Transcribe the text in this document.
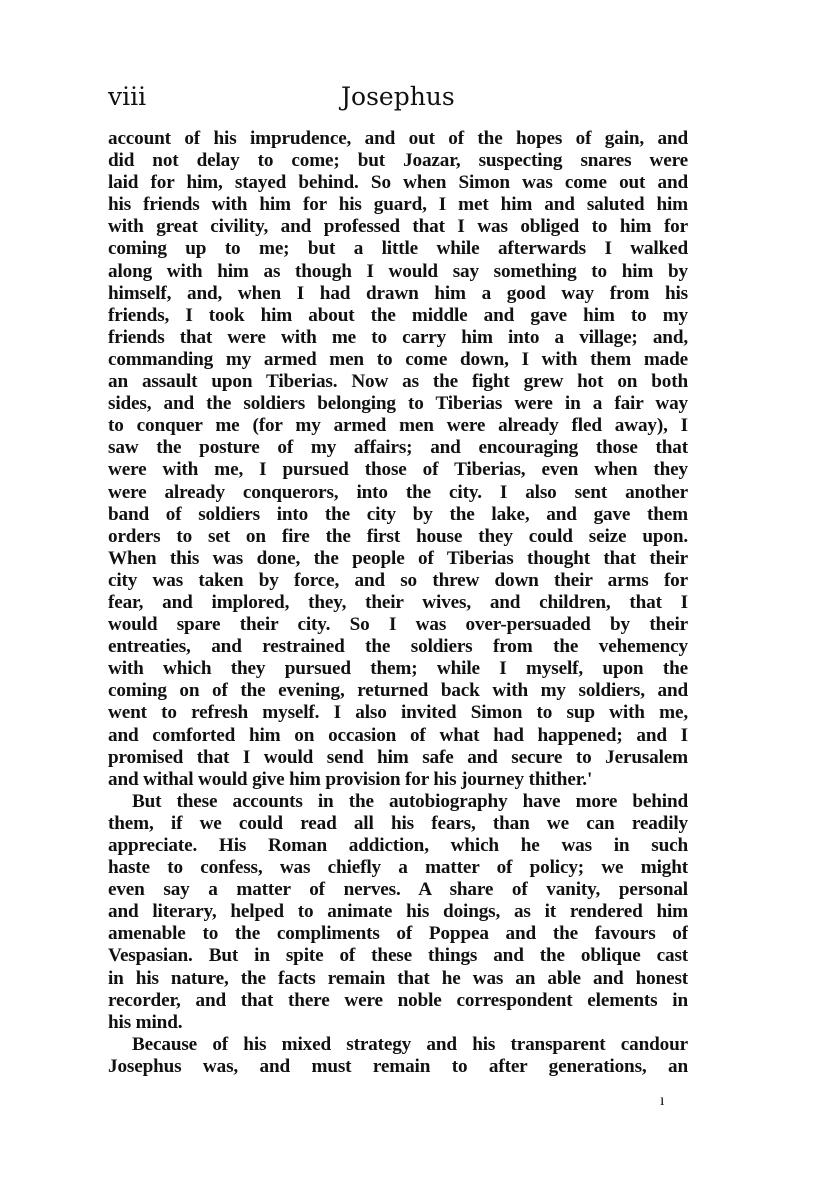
viii	Josephus
account of his imprudence, and out of the hopes of gain, and
did not delay to come; but Joazar, suspecting snares were
laid for him, stayed behind. So when Simon was come out and
his friends with him for his guard, I met him and saluted him
with great civility, and professed that I was obliged to him for
coming up to me; but a little while afterwards I walked
along with him as though I would say something to him by
himself, and, when I had drawn him a good way from his
friends, I took him about the middle and gave him to my
friends that were with me to carry him into a village; and,
commanding my armed men to come down, I with them made
an assault upon Tiberias. Now as the fight grew hot on both
sides, and the soldiers belonging to Tiberias were in a fair way
to conquer me (for my armed men were already fled away), I
saw the posture of my affairs; and encouraging those that
were with me, I pursued those of Tiberias, even when they
were already conquerors, into the city. I also sent another
band of soldiers into the city by the lake, and gave them
orders to set on fire the first house they could seize upon.
When this was done, the people of Tiberias thought that their
city was taken by force, and so threw down their arms for
fear, and implored, they, their wives, and children, that I
would spare their city. So I was over-persuaded by their
entreaties, and restrained the soldiers from the vehemency
with which they pursued them; while I myself, upon the
coming on of the evening, returned back with my soldiers, and
went to refresh myself. I also invited Simon to sup with me,
and comforted him on occasion of what had happened; and I
promised that I would send him safe and secure to Jerusalem
and withal would give him provision for his journey thither.'
But these accounts in the autobiography have more behind
them, if we could read all his fears, than we can readily
appreciate. His Roman addiction, which he was in such
haste to confess, was chiefly a matter of policy; we might
even say a matter of nerves. A share of vanity, personal
and literary, helped to animate his doings, as it rendered him
amenable to the compliments of Poppea and the favours of
Vespasian. But in spite of these things and the oblique cast
in his nature, the facts remain that he was an able and honest
recorder, and that there were noble correspondent elements in
his mind.
Because of his mixed strategy and his transparent candour
Josephus was, and must remain to after generations, an
ı
